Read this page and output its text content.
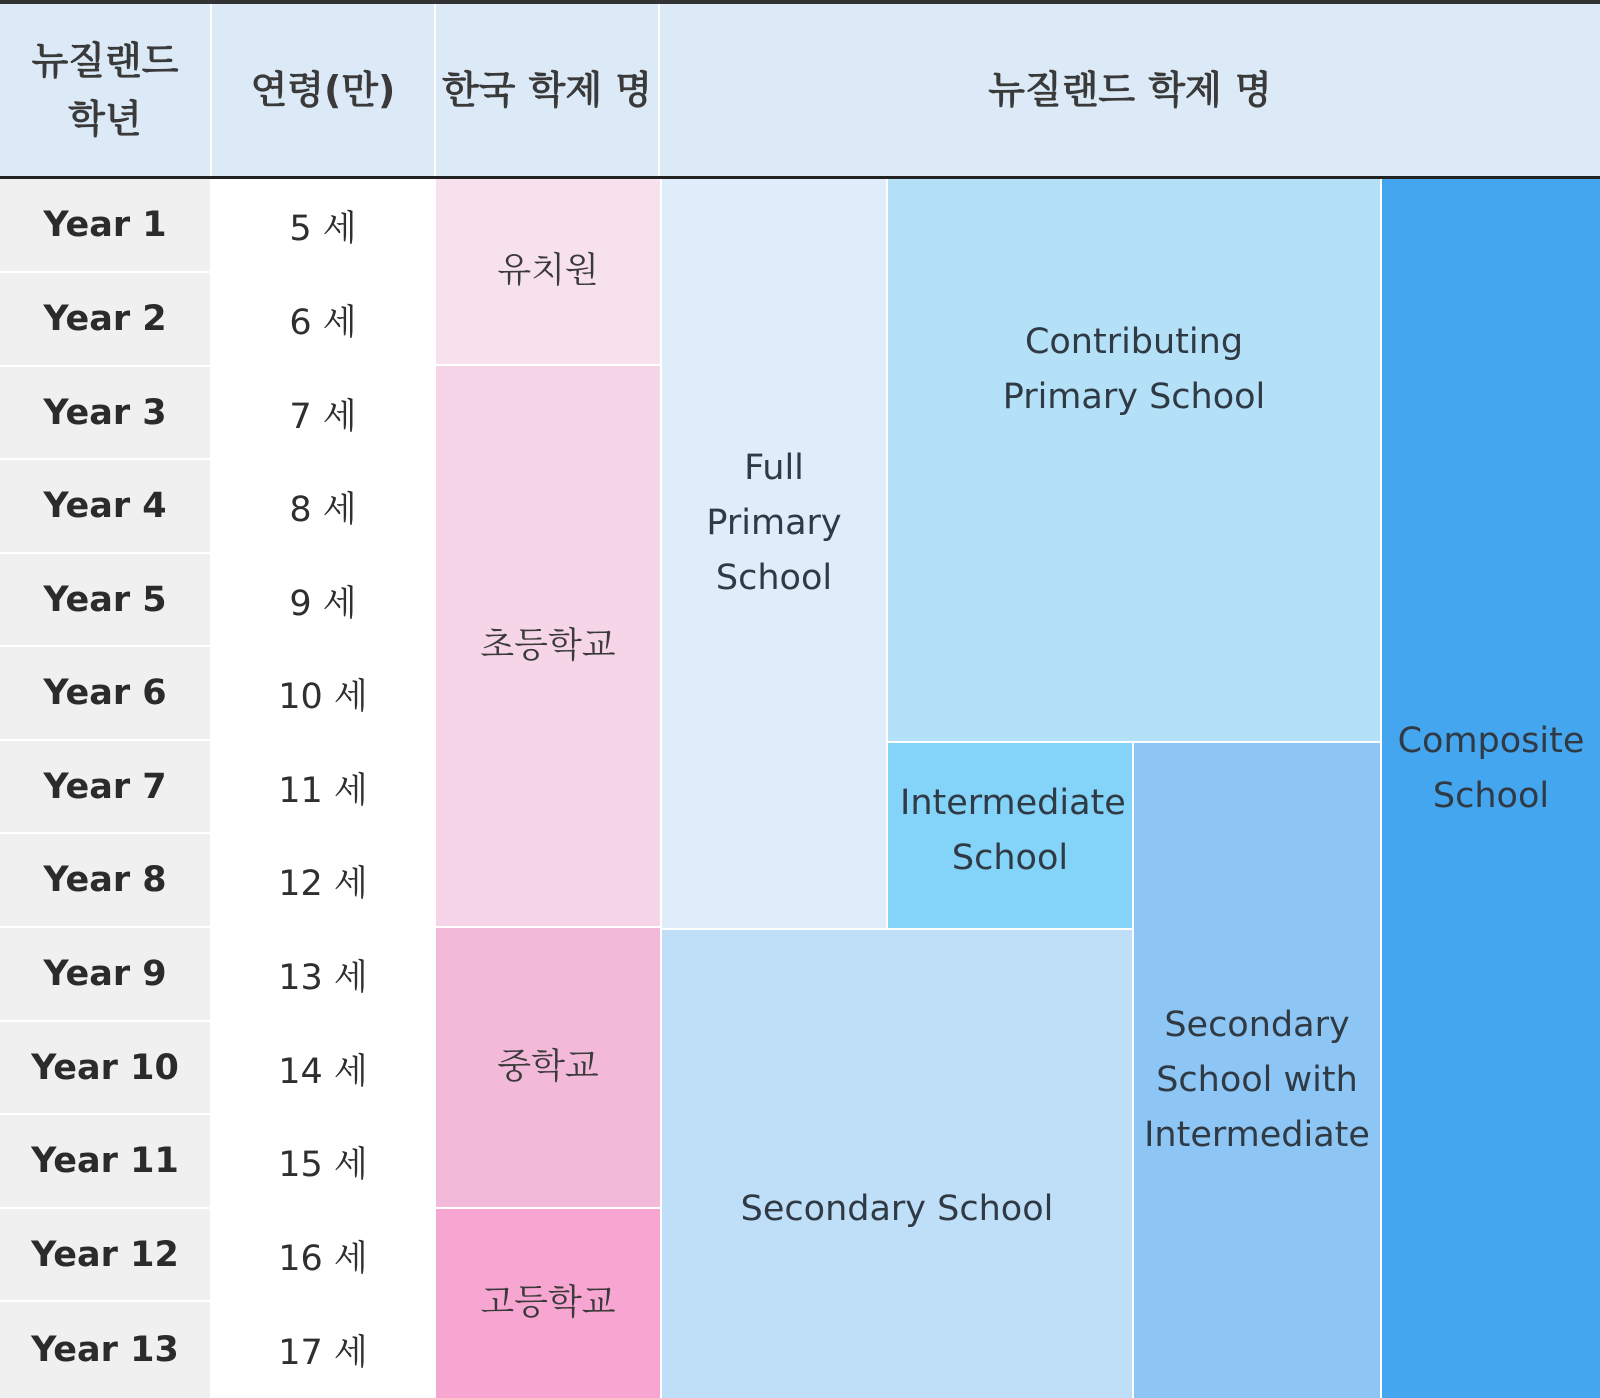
뉴질랜드 학년
연령(만) 한국 학제 명	뉴질랜드 학제 명
Year 1
Year 2
Year 3
Year 4
Year 5
Year 6
Year 7
Year 8
Year 9
Year 10
Year 11
Year 12
Year 13
5 세
6 세
7 세
8 세
9 세
10 세
11 세
12 세
13 세
14 세
15 세
16 세
17 세
유치원
초등학교
중학교
고등학교
Full Primary School
Contributing Primary School
Intermediate School
Secondary School
Secondary School with Intermediate
Composite School
